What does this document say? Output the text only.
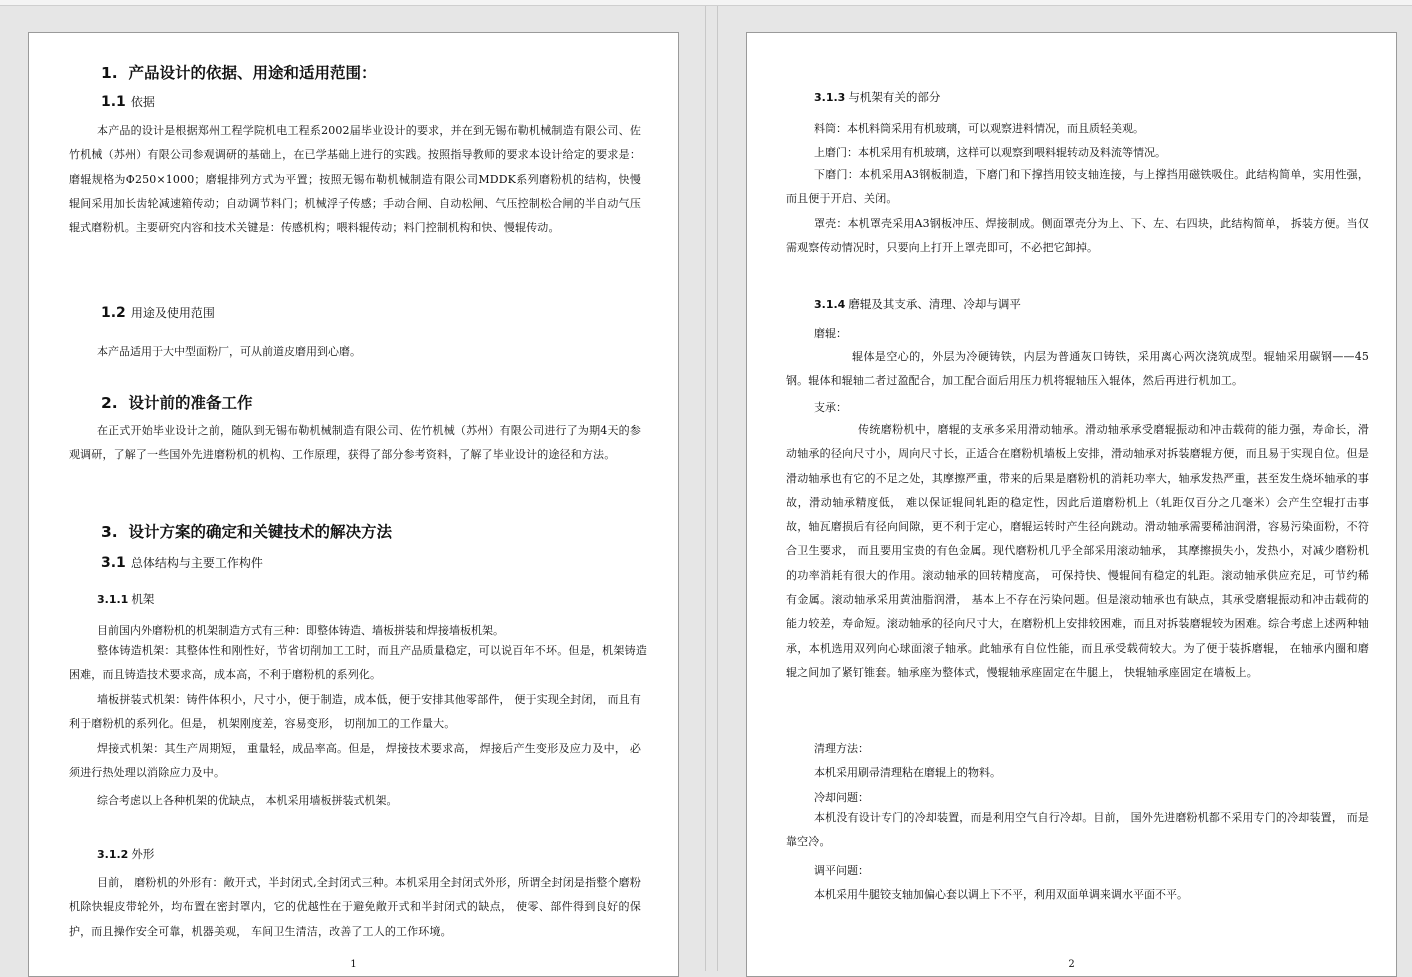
1. 产品设计的依据、用途和适用范围：
1.1 依据
本产品的设计是根据郑州工程学院机电工程系2002届毕业设计的要求，并在到无锡布勒机械制造有限公司、佐竹机械（苏州）有限公司参观调研的基础上，在已学基础上进行的实践。按照指导教师的要求本设计给定的要求是：磨辊规格为Φ250×1000；磨辊排列方式为平置；按照无锡布勒机械制造有限公司MDDK系列磨粉机的结构，快慢辊间采用加长齿轮减速箱传动；自动调节料门；机械浮子传感；手动合闸、自动松闸、气压控制松合闸的半自动气压辊式磨粉机。主要研究内容和技术关键是：传感机构；喂料辊传动；料门控制机构和快、慢辊传动。
1.2 用途及使用范围
本产品适用于大中型面粉厂，可从前道皮磨用到心磨。
2. 设计前的准备工作
在正式开始毕业设计之前，随队到无锡布勒机械制造有限公司、佐竹机械（苏州）有限公司进行了为期4天的参观调研，了解了一些国外先进磨粉机的机构、工作原理，获得了部分参考资料，了解了毕业设计的途径和方法。
3. 设计方案的确定和关键技术的解决方法
3.1 总体结构与主要工作构件
3.1.1 机架
目前国内外磨粉机的机架制造方式有三种：即整体铸造、墙板拼装和焊接墙板机架。
整体铸造机架：其整体性和刚性好，节省切削加工工时，而且产品质量稳定，可以说百年不坏。但是，机架铸造困难，而且铸造技术要求高，成本高，不利于磨粉机的系列化。
墙板拼装式机架：铸件体积小，尺寸小，便于制造，成本低，便于安排其他零部件， 便于实现全封闭， 而且有利于磨粉机的系列化。但是， 机架刚度差，容易变形， 切削加工的工作量大。
焊接式机架：其生产周期短， 重量轻，成品率高。但是， 焊接技术要求高， 焊接后产生变形及应力及中， 必须进行热处理以消除应力及中。
综合考虑以上各种机架的优缺点， 本机采用墙板拼装式机架。
3.1.2 外形
目前， 磨粉机的外形有：敞开式，半封闭式,全封闭式三种。本机采用全封闭式外形，所谓全封闭是指整个磨粉机除快辊皮带轮外，均布置在密封罩内，它的优越性在于避免敞开式和半封闭式的缺点， 使零、部件得到良好的保护，而且操作安全可靠，机器美观， 车间卫生清洁，改善了工人的工作环境。
1
3.1.3 与机架有关的部分
料筒：本机料筒采用有机玻璃，可以观察进料情况，而且质轻美观。
上磨门：本机采用有机玻璃，这样可以观察到喂料辊转动及料流等情况。
下磨门：本机采用A3钢板制造，下磨门和下撑挡用铰支轴连接，与上撑挡用磁铁吸住。此结构简单，实用性强，而且便于开启、关闭。
罩壳：本机罩壳采用A3钢板冲压、焊接制成。侧面罩壳分为上、下、左、右四块，此结构简单， 拆装方便。当仅需观察传动情况时，只要向上打开上罩壳即可，不必把它卸掉。
3.1.4 磨辊及其支承、清理、冷却与调平
磨辊：
辊体是空心的，外层为冷硬铸铁，内层为普通灰口铸铁，采用离心两次浇筑成型。辊轴采用碳钢——45钢。辊体和辊轴二者过盈配合，加工配合面后用压力机将辊轴压入辊体，然后再进行机加工。
支承：
传统磨粉机中，磨辊的支承多采用滑动轴承。滑动轴承承受磨辊振动和冲击载荷的能力强，寿命长，滑动轴承的径向尺寸小，周向尺寸长，正适合在磨粉机墙板上安排，滑动轴承对拆装磨辊方便，而且易于实现自位。但是滑动轴承也有它的不足之处，其摩擦严重，带来的后果是磨粉机的消耗功率大，轴承发热严重，甚至发生烧坏轴承的事故，滑动轴承精度低， 难以保证辊间轧距的稳定性，因此后道磨粉机上（轧距仅百分之几毫米）会产生空辊打击事故，轴瓦磨损后有径向间隙，更不利于定心，磨辊运转时产生径向跳动。滑动轴承需要稀油润滑，容易污染面粉，不符合卫生要求， 而且要用宝贵的有色金属。现代磨粉机几乎全部采用滚动轴承， 其摩擦损失小，发热小，对减少磨粉机的功率消耗有很大的作用。滚动轴承的回转精度高， 可保持快、慢辊间有稳定的轧距。滚动轴承供应充足，可节约稀有金属。滚动轴承采用黄油脂润滑， 基本上不存在污染问题。但是滚动轴承也有缺点，其承受磨辊振动和冲击载荷的能力较差，寿命短。滚动轴承的径向尺寸大，在磨粉机上安排较困难，而且对拆装磨辊较为困难。综合考虑上述两种轴承，本机选用双列向心球面滚子轴承。此轴承有自位性能，而且承受载荷较大。为了便于装拆磨辊， 在轴承内圈和磨辊之间加了紧钉锥套。轴承座为整体式，慢辊轴承座固定在牛腿上， 快辊轴承座固定在墙板上。
清理方法：
本机采用刷帚清理粘在磨辊上的物料。
冷却问题：
本机没有设计专门的冷却装置，而是利用空气自行冷却。目前， 国外先进磨粉机都不采用专门的冷却装置， 而是靠空冷。
调平问题：
本机采用牛腿铰支轴加偏心套以调上下不平，利用双面单调来调水平面不平。
2
